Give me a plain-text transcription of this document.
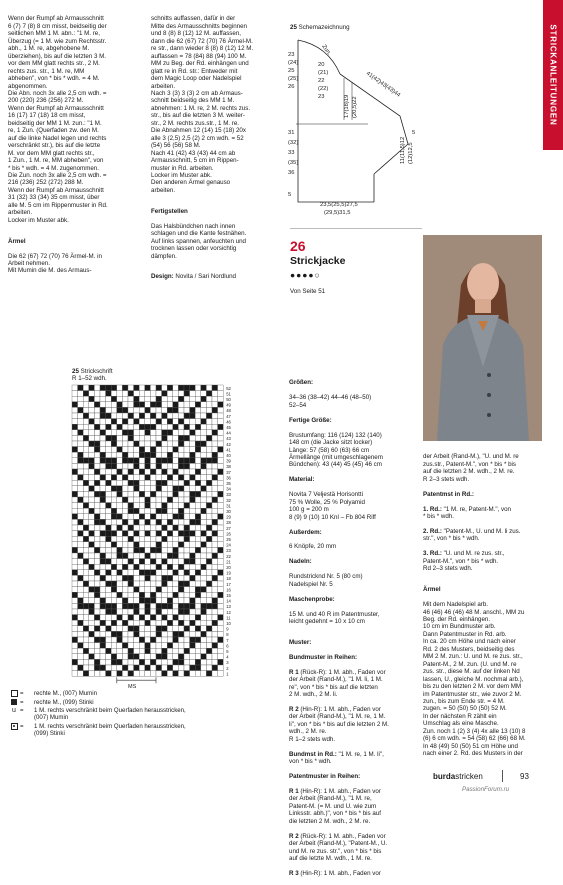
STRICKANLEITUNGEN

Wenn der Rumpf ab Armausschnitt
6 (7) 7 (8) 8 cm misst, beidseitig der
seitlichen MM 1 M. abn.: "1 M. re,
Überzug (= 1 M. wie zum Rechtsstr.
abh., 1 M. re, abgehobene M.
überziehen), bis auf die letzten 3 M.
vor dem MM glatt rechts str., 2 M.
rechts zus. str., 1 M. re, MM
abheben", von * bis * wdh. = 4 M.
abgenommen.
Die Abn. noch 3x alle 2,5 cm wdh. =
200 (220) 236 (256) 272 M.
Wenn der Rumpf ab Armausschnitt
16 (17) 17 (18) 18 cm misst,
beidseitig der MM 1 M. zun.: "1 M.
re, 1 Zun. (Querfaden zw. den M.
auf die linke Nadel legen und rechts
verschränkt str.), bis auf die letzte
M. vor dem MM glatt rechts str.,
1 Zun., 1 M. re, MM abheben", von
* bis * wdh. = 4 M. zugenommen.
Die Zun. noch 3x alle 2,5 cm wdh. =
216 (236) 252 (272) 288 M.
Wenn der Rumpf ab Armausschnitt
31 (32) 33 (34) 35 cm misst, über
alle M. 5 cm im Rippenmuster in Rd.
arbeiten.
Locker im Muster abk.

Ärmel

Die 62 (67) 72 (70) 76 Ärmel-M. in
Arbeit nehmen.
Mit Mumin die M. des Armaus-

schnitts auffassen, dafür in der
Mitte des Armausschnitts beginnen
und 8 (8) 8 (12) 12 M. auffassen,
dann die 62 (67) 72 (70) 76 Ärmel-M.
re str., dann wieder 8 (8) 8 (12) 12 M.
auffassen = 78 (84) 88 (94) 100 M.
MM zu Beg. der Rd. einhängen und
glatt re in Rd. str.: Entweder mit
dem Magic Loop oder Nadelspiel
arbeiten.
Nach 3 (3) 3 (3) 2 cm ab Armaus-
schnitt beidseitig des MM 1 M.
abnehmen: 1 M. re, 2 M. rechts zus.
str., bis auf die letzten 3 M. weiter-
str., 2 M. rechts zus.str., 1 M. re.
Die Abnahmen 12 (14) 15 (18) 20x
alle 3 (2,5) 2,5 (2) 2 cm wdh. = 52
(54) 56 (56) 58 M.
Nach 41 (42) 43 (43) 44 cm ab
Armausschnitt, 5 cm im Rippen-
muster in Rd. arbeiten.
Locker im Muster abk.
Den anderen Ärmel genauso
arbeiten.

Fertigstellen

Das Halsbündchen nach innen
schlagen und die Kante festnähen.
Auf links spannen, anfeuchten und
trocknen lassen oder vorsichtig
dämpfen.

Design: Novita / Sari Nordlund

25 Strickschrift
R 1–52 wdh.
52
51
50
49
48
47
46
45
44
43
42
41
40
39
38
37
36
35
34
33
32
31
30
29
28
27
26
25
24
23
22
21
20
19
18
17
16
15
14
13
12
11
10
9
8
7
6
5
4
3
2
1
MS
=	rechte M., (007) Mumin
=	rechte M., (099) Stinki
u =	1 M. rechts verschränkt beim Querfaden herausstricken,
(007) Mumin
=	1 M. rechts verschränkt beim Querfaden herausstricken,
(099) Stinki
25 Schemazeichnung
23
(24)
25
(25)
26
20
(21)
22
(22)
23
31
(32)
33
(35)
36
5
23,5(25,5)27,5
(29,5)31,5
17(18)19 (20,5)22
41(42)43(43)44
Zun.
5
11(11,5)12 (12)12,5
26
Strickjacke
●●●●○
Von Seite 51

Größen:

34–36 (38–42) 44–46 (48–50)
52–54

Fertige Größe:

Brustumfang: 116 (124) 132 (140)
148 cm (die Jacke sitzt locker)
Länge: 57 (58) 60 (63) 66 cm
Ärmellänge (mit umgeschlagenem
Bündchen): 43 (44) 45 (45) 46 cm

Material:

Novita 7 Veljestä Horisontti
75 % Wolle, 25 % Polyamid
100 g = 200 m
8 (9) 9 (10) 10 Knl – Fb 804 Riff

Außerdem:

6 Knöpfe, 20 mm

Nadeln:

Rundstricknd Nr. 5 (80 cm)
Nadelspiel Nr. 5

Maschenprobe:

15 M. und 40 R im Patentmuster,
leicht gedehnt = 10 x 10 cm

Muster:

Bundmuster in Reihen:

R 1 (Rück-R): 1 M. abh., Faden vor
der Arbeit (Rand-M.), "1 M. li, 1 M.
re", von * bis * bis auf die letzten
2 M. wdh., 2 M. li.

R 2 (Hin-R): 1 M. abh., Faden vor
der Arbeit (Rand-M.), "1 M. re, 1 M.
li", von * bis * bis auf die letzten 2 M.
wdh., 2 M. re.
R 1–2 stets wdh.

Bundmst in Rd.: "1 M. re, 1 M. li",
von * bis * wdh.

Patentmuster in Reihen:

R 1 (Hin-R): 1 M. abh., Faden vor
der Arbeit (Rand-M.), "1 M. re,
Patent-M. (= M. und U. wie zum
Linksstr. abh.)", von * bis * bis auf
die letzten 2 M. wdh., 2 M. re.

R 2 (Rück-R): 1 M. abh., Faden vor
der Arbeit (Rand-M.), "Patent-M., U.
und M. re zus. str.", von * bis * bis
auf die letzte M. wdh., 1 M. re.

R 3 (Hin-R): 1 M. abh., Faden vor

der Arbeit (Rand-M.), "U. und M. re
zus.str., Patent-M.", von * bis * bis
auf die letzten 2 M. wdh., 2 M. re.
R 2–3 stets wdh.

Patentmst in Rd.:

1. Rd.: "1 M. re, Patent-M.", von
* bis * wdh.

2. Rd.: "Patent-M., U. und M. li zus.
str.", von * bis * wdh.

3. Rd.: "U. und M. re zus. str.,
Patent-M.", von * bis * wdh.
Rd 2–3 stets wdh.

Ärmel

Mit dem Nadelspiel arb.
46 (46) 46 (46) 48 M. anschl., MM zu
Beg. der Rd. einhängen.
10 cm im Bundmuster arb.
Dann Patentmuster in Rd. arb.
In ca. 20 cm Höhe und nach einer
Rd. 2 des Musters, beidseitig des
MM 2 M. zun.: U. und M. re zus. str.,
Patent-M., 2 M. zun. (U. und M. re
zus. str., diese M. auf der linken Nd
lassen, U., gleiche M. nochmal arb.),
bis zu den letzten 2 M. vor dem MM
im Patentmuster str., wie zuvor 2 M.
zun., bis zum Ende str. = 4 M.
zugen. = 50 (50) 50 (50) 52 M.
In der nächsten R zählt ein
Umschlag als eine Masche.
Zun. noch 1 (2) 3 (4) 4x alle 13 (10) 8
(6) 6 cm wdh. = 54 (58) 62 (66) 68 M.
In 48 (49) 50 (50) 51 cm Höhe und
nach einer 2. Rd. des Musters in der

burdastricken	93
PassionForum.ru
